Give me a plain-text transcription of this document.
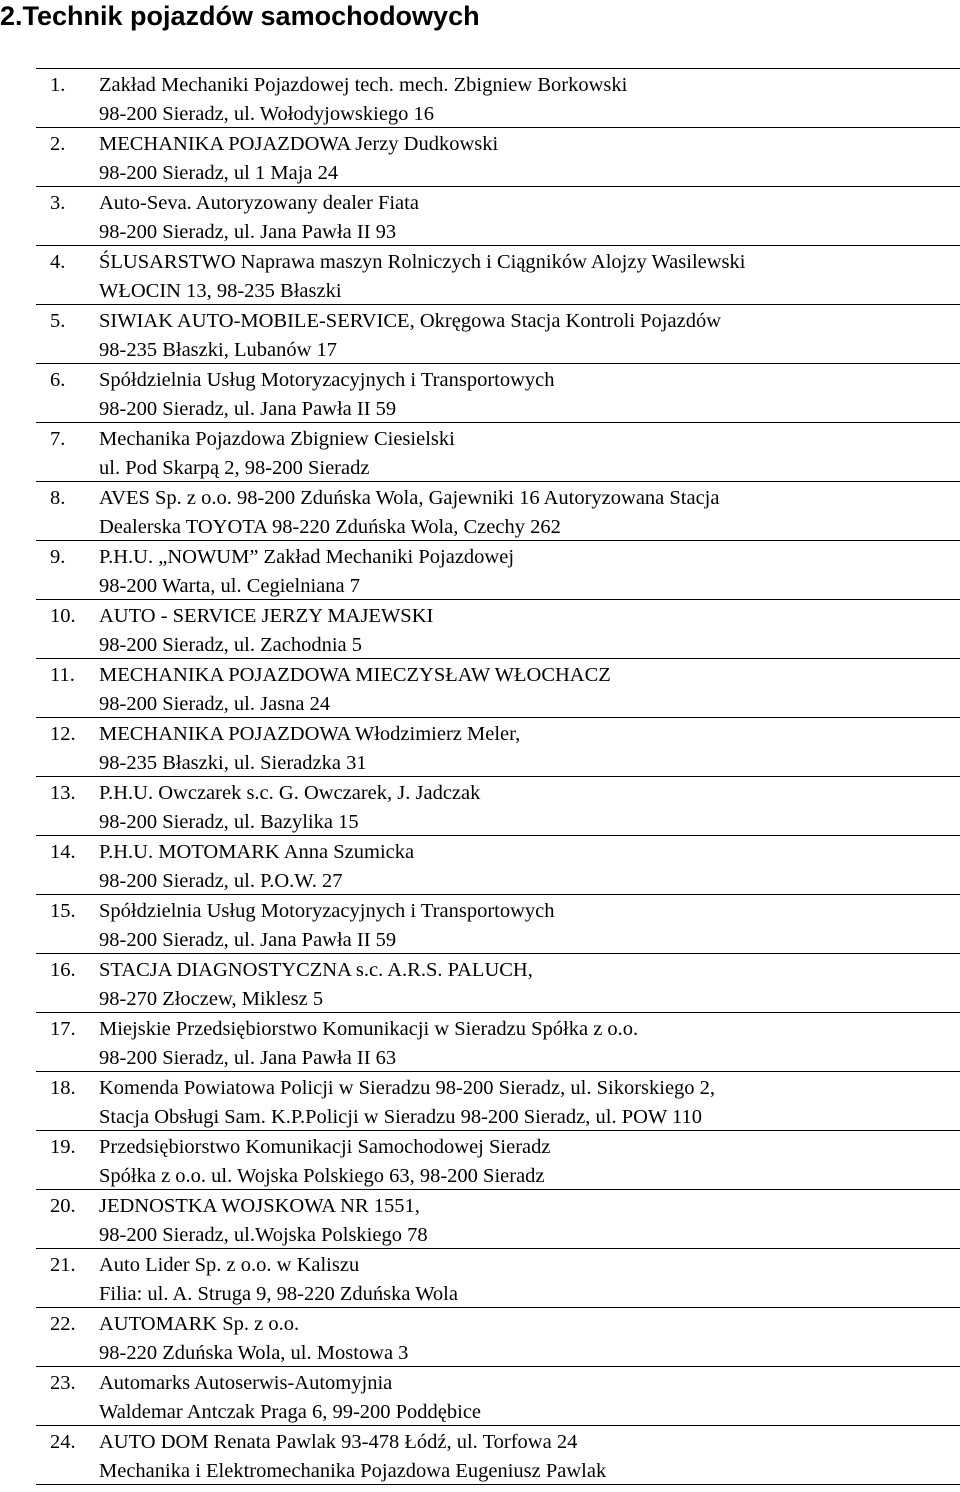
2.Technik pojazdów samochodowych
1.	Zakład Mechaniki Pojazdowej tech. mech. Zbigniew Borkowski
98-200 Sieradz, ul. Wołodyjowskiego 16
2.	MECHANIKA POJAZDOWA Jerzy Dudkowski
98-200 Sieradz, ul 1 Maja 24
3.	Auto-Seva. Autoryzowany dealer Fiata
98-200 Sieradz, ul. Jana Pawła II 93
4.	ŚLUSARSTWO Naprawa maszyn Rolniczych i Ciągników Alojzy Wasilewski
WŁOCIN 13, 98-235 Błaszki
5.	SIWIAK AUTO-MOBILE-SERVICE, Okręgowa Stacja Kontroli Pojazdów
98-235 Błaszki, Lubanów 17
6.	Spółdzielnia Usług Motoryzacyjnych i Transportowych
98-200 Sieradz, ul. Jana Pawła II 59
7.	Mechanika Pojazdowa Zbigniew Ciesielski
ul. Pod Skarpą 2, 98-200 Sieradz
8.	AVES Sp. z o.o. 98-200 Zduńska Wola, Gajewniki 16 Autoryzowana Stacja
Dealerska TOYOTA 98-220 Zduńska Wola, Czechy 262
9.	P.H.U. „NOWUM” Zakład Mechaniki Pojazdowej
98-200 Warta, ul. Cegielniana 7
10.	AUTO - SERVICE JERZY MAJEWSKI
98-200 Sieradz, ul. Zachodnia 5
11.	MECHANIKA POJAZDOWA MIECZYSŁAW WŁOCHACZ
98-200 Sieradz, ul. Jasna 24
12.	MECHANIKA POJAZDOWA Włodzimierz Meler,
98-235 Błaszki, ul. Sieradzka 31
13.	P.H.U. Owczarek s.c. G. Owczarek, J. Jadczak
98-200 Sieradz, ul. Bazylika 15
14.	P.H.U. MOTOMARK Anna Szumicka
98-200 Sieradz, ul. P.O.W. 27
15.	Spółdzielnia Usług Motoryzacyjnych i Transportowych
98-200 Sieradz, ul. Jana Pawła II 59
16.	STACJA DIAGNOSTYCZNA s.c. A.R.S. PALUCH,
98-270 Złoczew, Miklesz 5
17.	Miejskie Przedsiębiorstwo Komunikacji w Sieradzu Spółka z o.o.
98-200 Sieradz, ul. Jana Pawła II 63
18.	Komenda Powiatowa Policji w Sieradzu 98-200 Sieradz, ul. Sikorskiego 2,
Stacja Obsługi Sam. K.P.Policji w Sieradzu 98-200 Sieradz, ul. POW 110
19.	Przedsiębiorstwo Komunikacji Samochodowej Sieradz
Spółka z o.o. ul. Wojska Polskiego 63, 98-200 Sieradz
20.	JEDNOSTKA WOJSKOWA NR 1551,
98-200 Sieradz, ul.Wojska Polskiego 78
21.	Auto Lider Sp. z o.o. w Kaliszu
Filia: ul. A. Struga 9, 98-220 Zduńska Wola
22.	AUTOMARK Sp. z o.o.
98-220 Zduńska Wola, ul. Mostowa 3
23.	Automarks Autoserwis-Automyjnia
Waldemar Antczak Praga 6, 99-200 Poddębice
24.	AUTO DOM Renata Pawlak 93-478 Łódź, ul. Torfowa 24
Mechanika i Elektromechanika Pojazdowa Eugeniusz Pawlak
